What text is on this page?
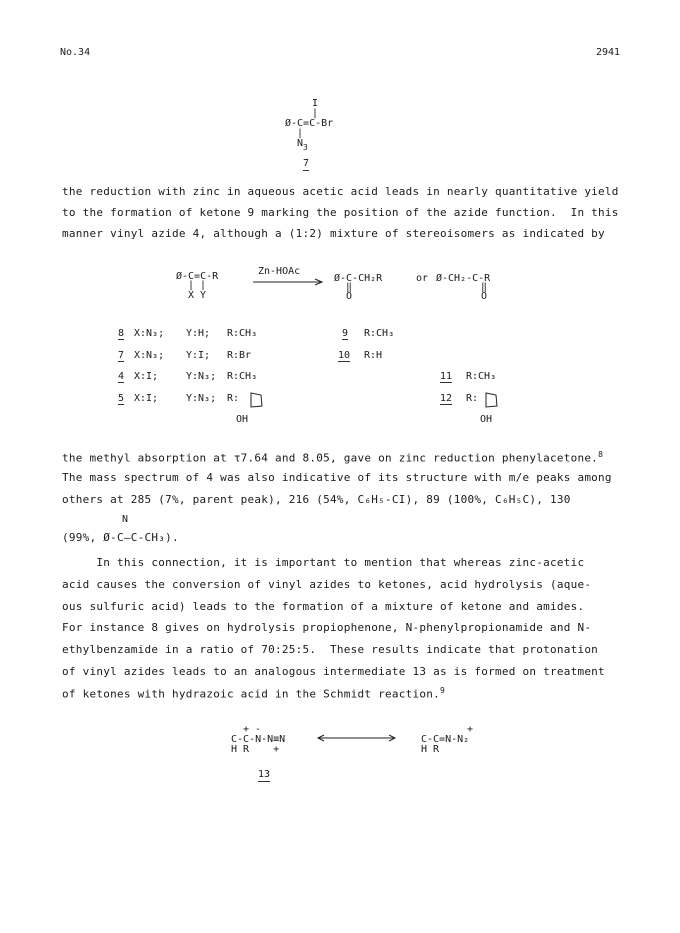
No.34	2941
I
|
Ø-C=C-Br
|
$N_3$
7
the reduction with zinc in aqueous acetic acid leads in nearly quantitative yield
to the formation of ketone 9 marking the position of the azide function.  In this
manner vinyl azide 4, although a (1:2) mixture of stereoisomers as indicated by
Ø-C=C-R
| |
X Y
Zn-HOAc
Ø-C-CH₂R
‖
O
or Ø-CH₂-C-R
‖
O
8 X:N₃; Y:H; R:CH₃
7 X:N₃; Y:I; R:Br
4 X:I;	Y:N₃; R:CH₃
5 X:I;	Y:N₃; R:
OH
9 R:CH₃
10 R:H
11 R:CH₃
12 R:
OH
the methyl absorption at τ7.64 and 8.05, gave on zinc reduction phenylacetone.$^8$
The mass spectrum of 4 was also indicative of its structure with m/e peaks among
others at 285 (7%, parent peak), 216 (54%, C₆H₅-CI), 89 (100%, C₆H₅C), 130
N
(99%, Ø-C–C-CH₃).
In this connection, it is important to mention that whereas zinc-acetic
acid causes the conversion of vinyl azides to ketones, acid hydrolysis (aque-
ous sulfuric acid) leads to the formation of a mixture of ketone and amides.
For instance 8 gives on hydrolysis propiophenone, N-phenylpropionamide and N-
ethylbenzamide in a ratio of 70:25:5.  These results indicate that protonation
of vinyl azides leads to an analogous intermediate 13 as is formed on treatment
of ketones with hydrazoic acid in the Schmidt reaction.$^9$
+ -
C-C-N-N≡N
H R    +
+
C-C=N-N₂
H R
13
